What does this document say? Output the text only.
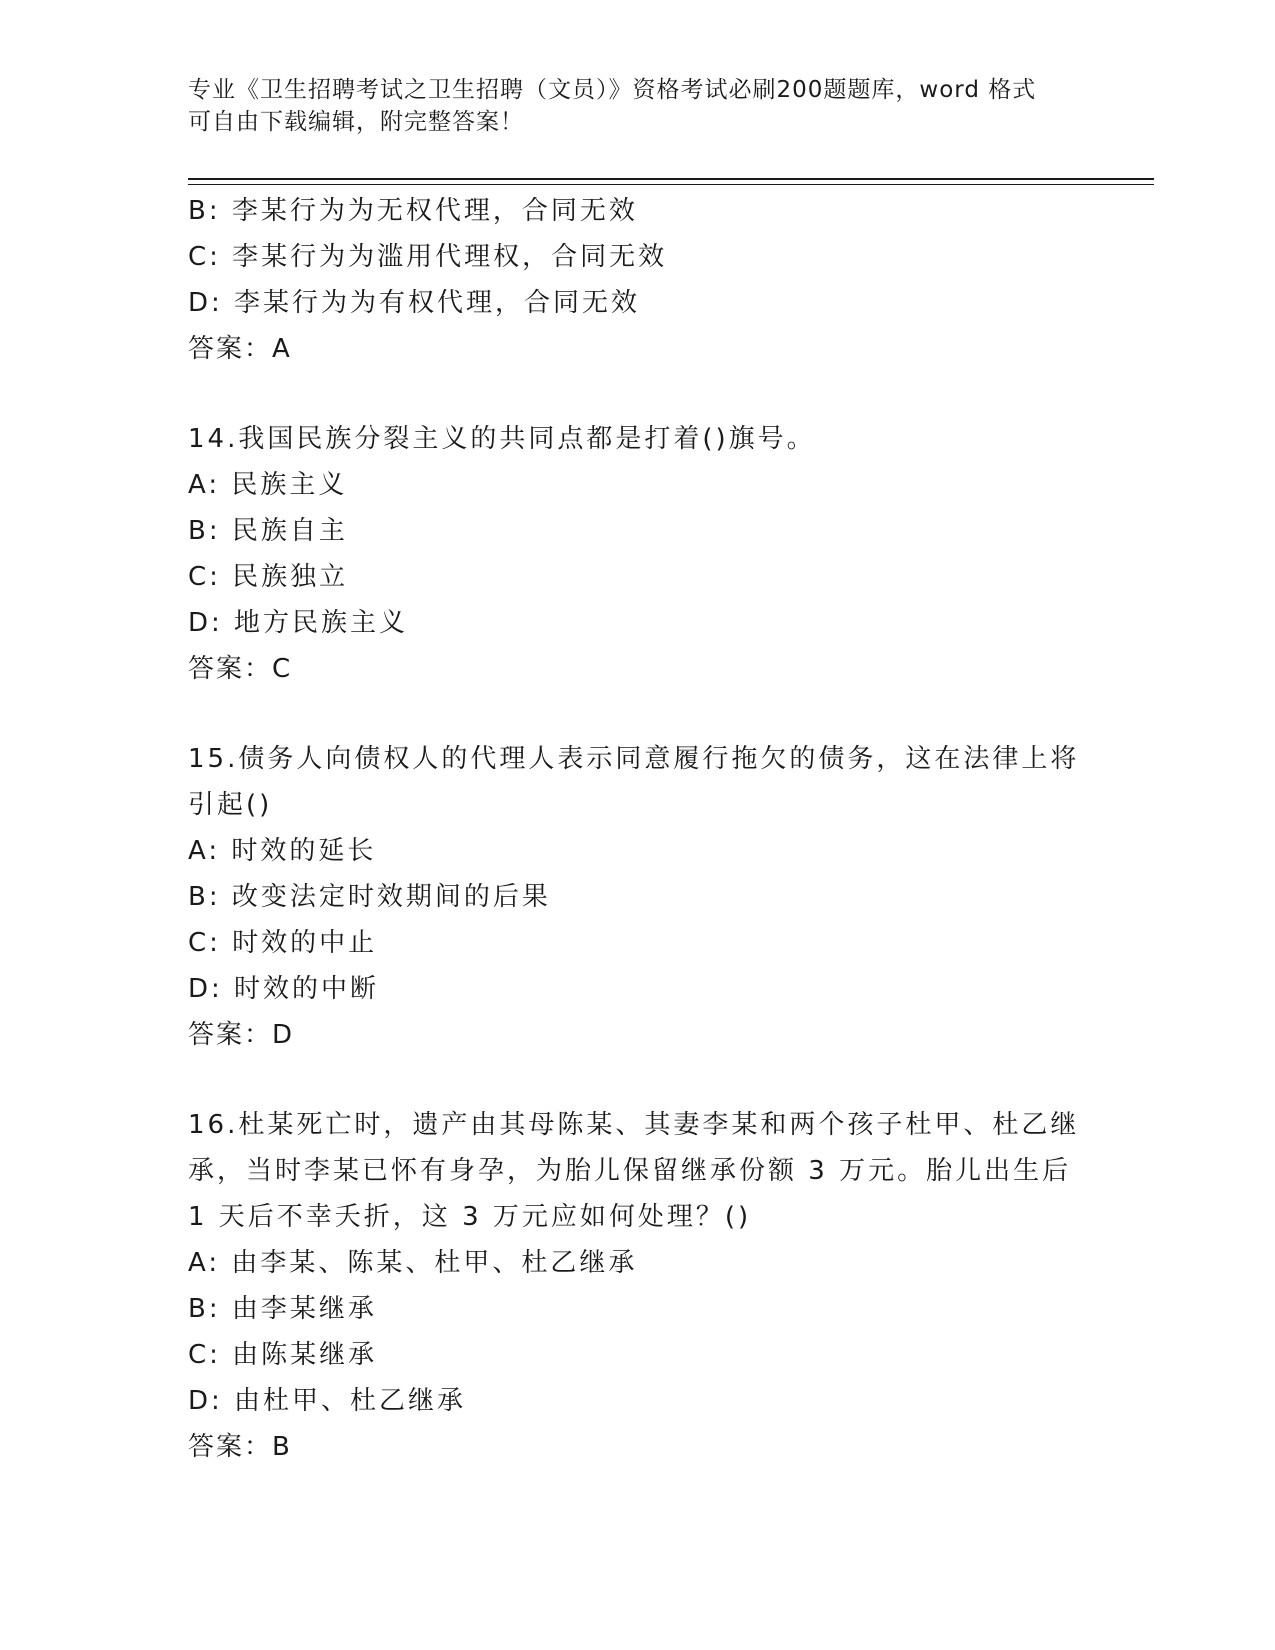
专业《卫生招聘考试之卫生招聘（文员）》资格考试必刷200题题库，word 格式
可自由下载编辑，附完整答案！
B: 李某行为为无权代理，合同无效
C: 李某行为为滥用代理权，合同无效
D: 李某行为为有权代理，合同无效
答案：A
14.我国民族分裂主义的共同点都是打着()旗号。
A: 民族主义
B: 民族自主
C: 民族独立
D: 地方民族主义
答案：C
15.债务人向债权人的代理人表示同意履行拖欠的债务，这在法律上将
引起()
A: 时效的延长
B: 改变法定时效期间的后果
C: 时效的中止
D: 时效的中断
答案：D
16.杜某死亡时，遗产由其母陈某、其妻李某和两个孩子杜甲、杜乙继
承，当时李某已怀有身孕，为胎儿保留继承份额 3 万元。胎儿出生后
1 天后不幸夭折，这 3 万元应如何处理？()
A: 由李某、陈某、杜甲、杜乙继承
B: 由李某继承
C: 由陈某继承
D: 由杜甲、杜乙继承
答案：B
